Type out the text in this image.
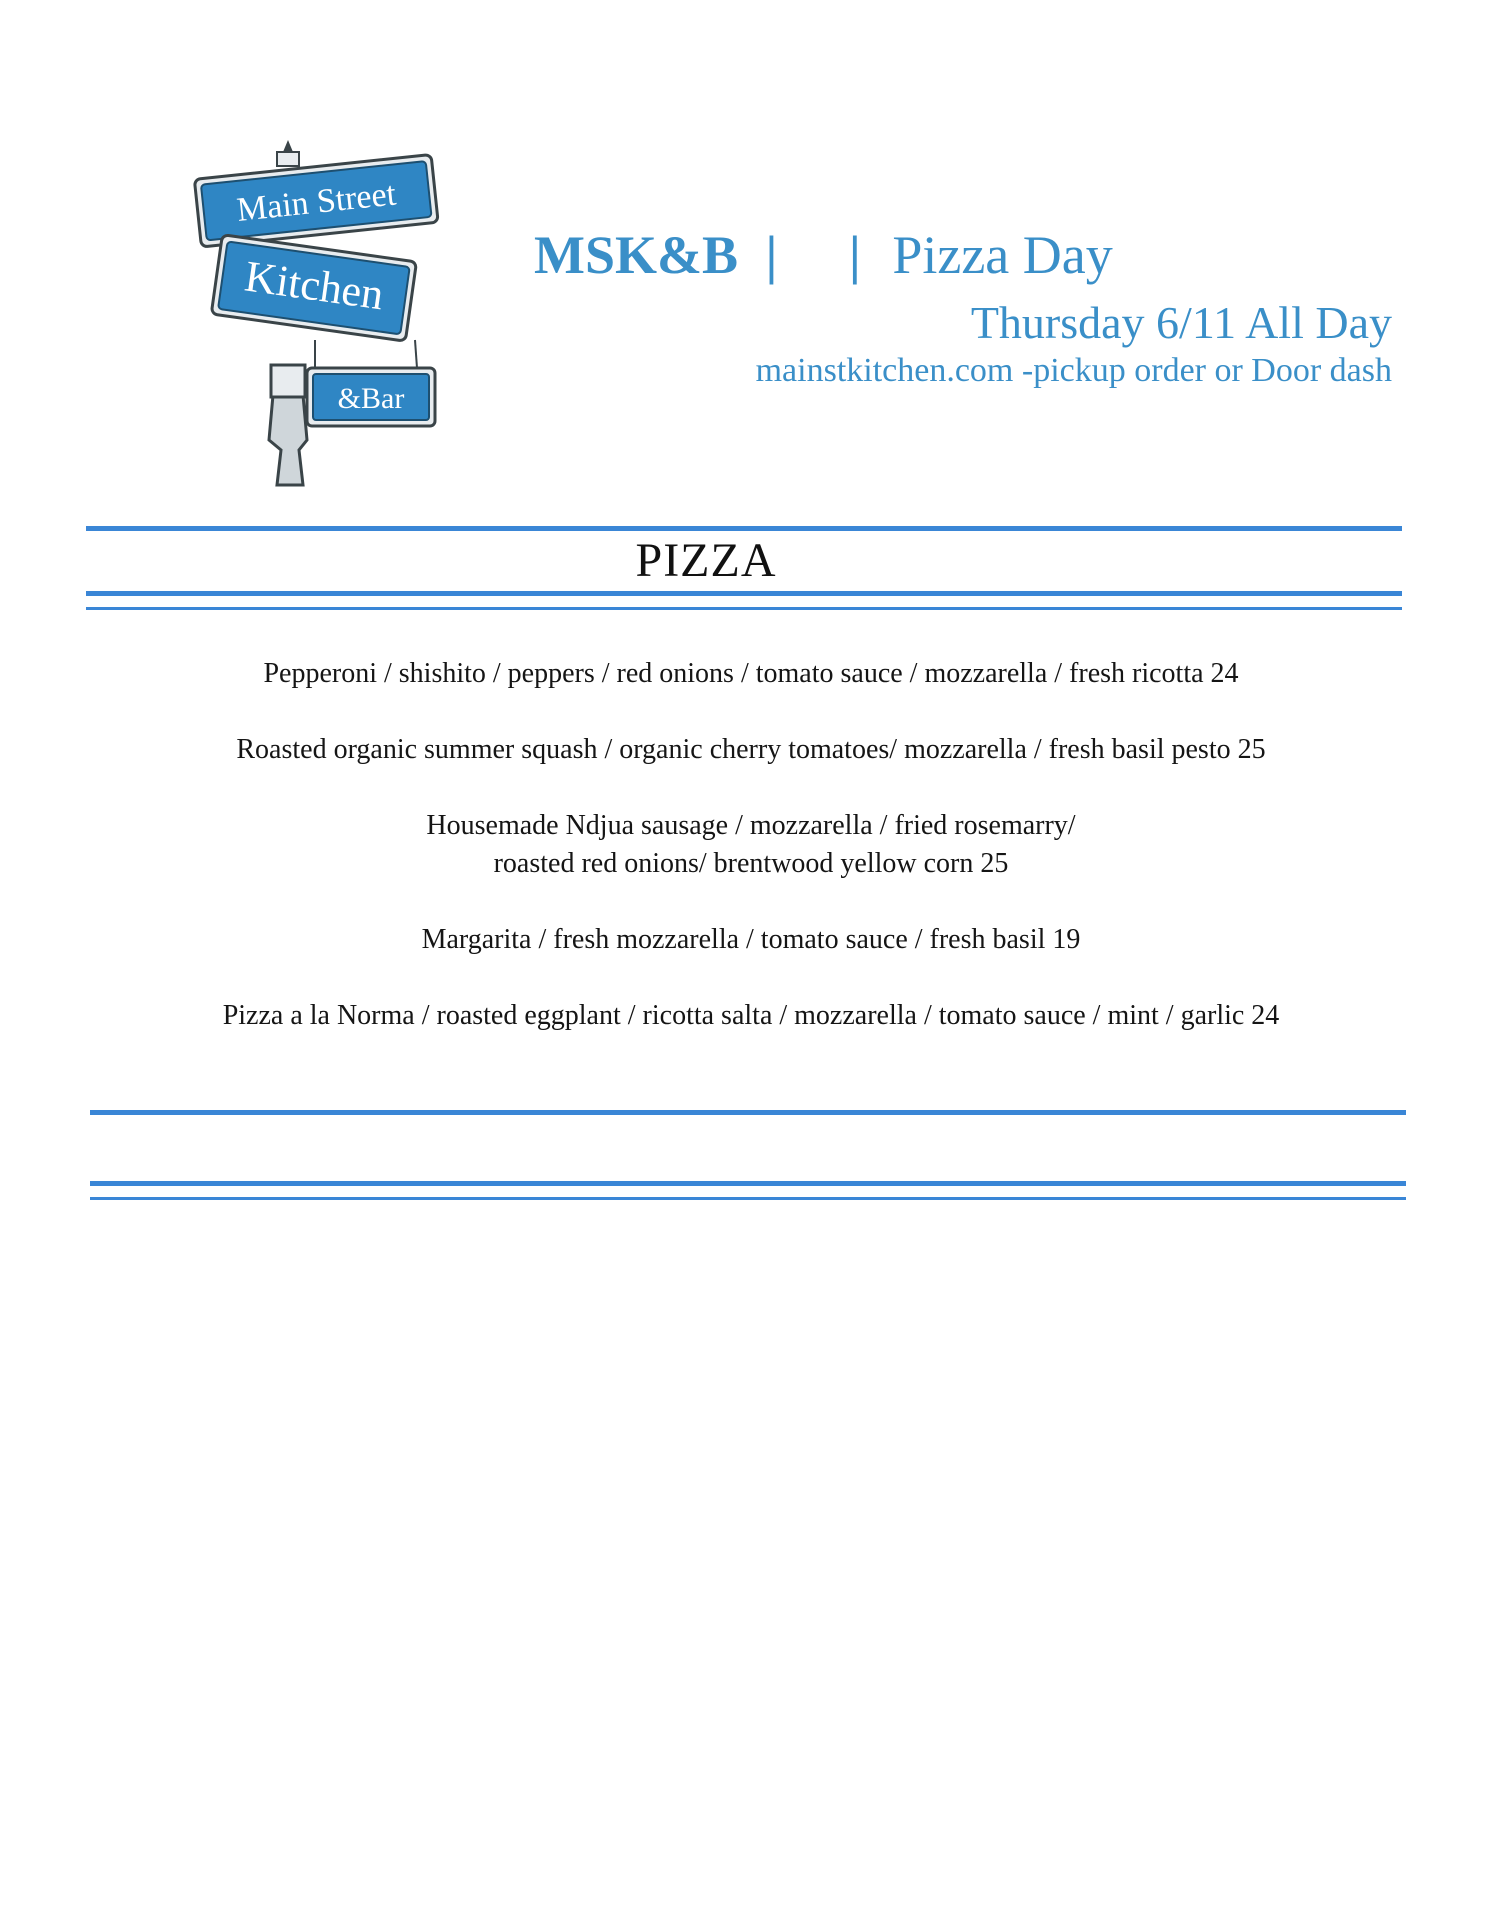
Main Street
Kitchen
&Bar
MSK&B | | Pizza Day
Thursday 6/11 All Day
mainstkitchen.com -pickup order or Door dash
PIZZA
Pepperoni / shishito / peppers / red onions / tomato sauce / mozzarella / fresh ricotta 24
Roasted organic summer squash / organic cherry tomatoes/ mozzarella / fresh basil pesto 25
Housemade Ndjua sausage / mozzarella / fried rosemarry/
roasted red onions/ brentwood yellow corn 25
Margarita / fresh mozzarella / tomato sauce / fresh basil 19
Pizza a la Norma / roasted eggplant / ricotta salta / mozzarella / tomato sauce / mint / garlic 24
